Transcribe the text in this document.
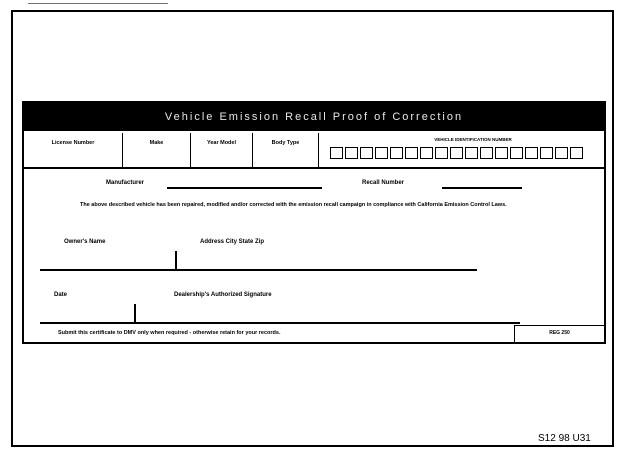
Vehicle Emission Recall Proof of Correction
License Number	Make	Year Model	Body Type
VEHICLE IDENTIFICATION NUMBER
Manufacturer	Recall Number
The above described vehicle has been repaired, modified and/or corrected with the emission recall campaign in compliance with California Emission Control Laws.
Owner's Name	Address City State Zip
Date	Dealership's Authorized Signature
Submit this certificate to DMV only when required - otherwise retain for your records.	REG 250
S12 98 U31
